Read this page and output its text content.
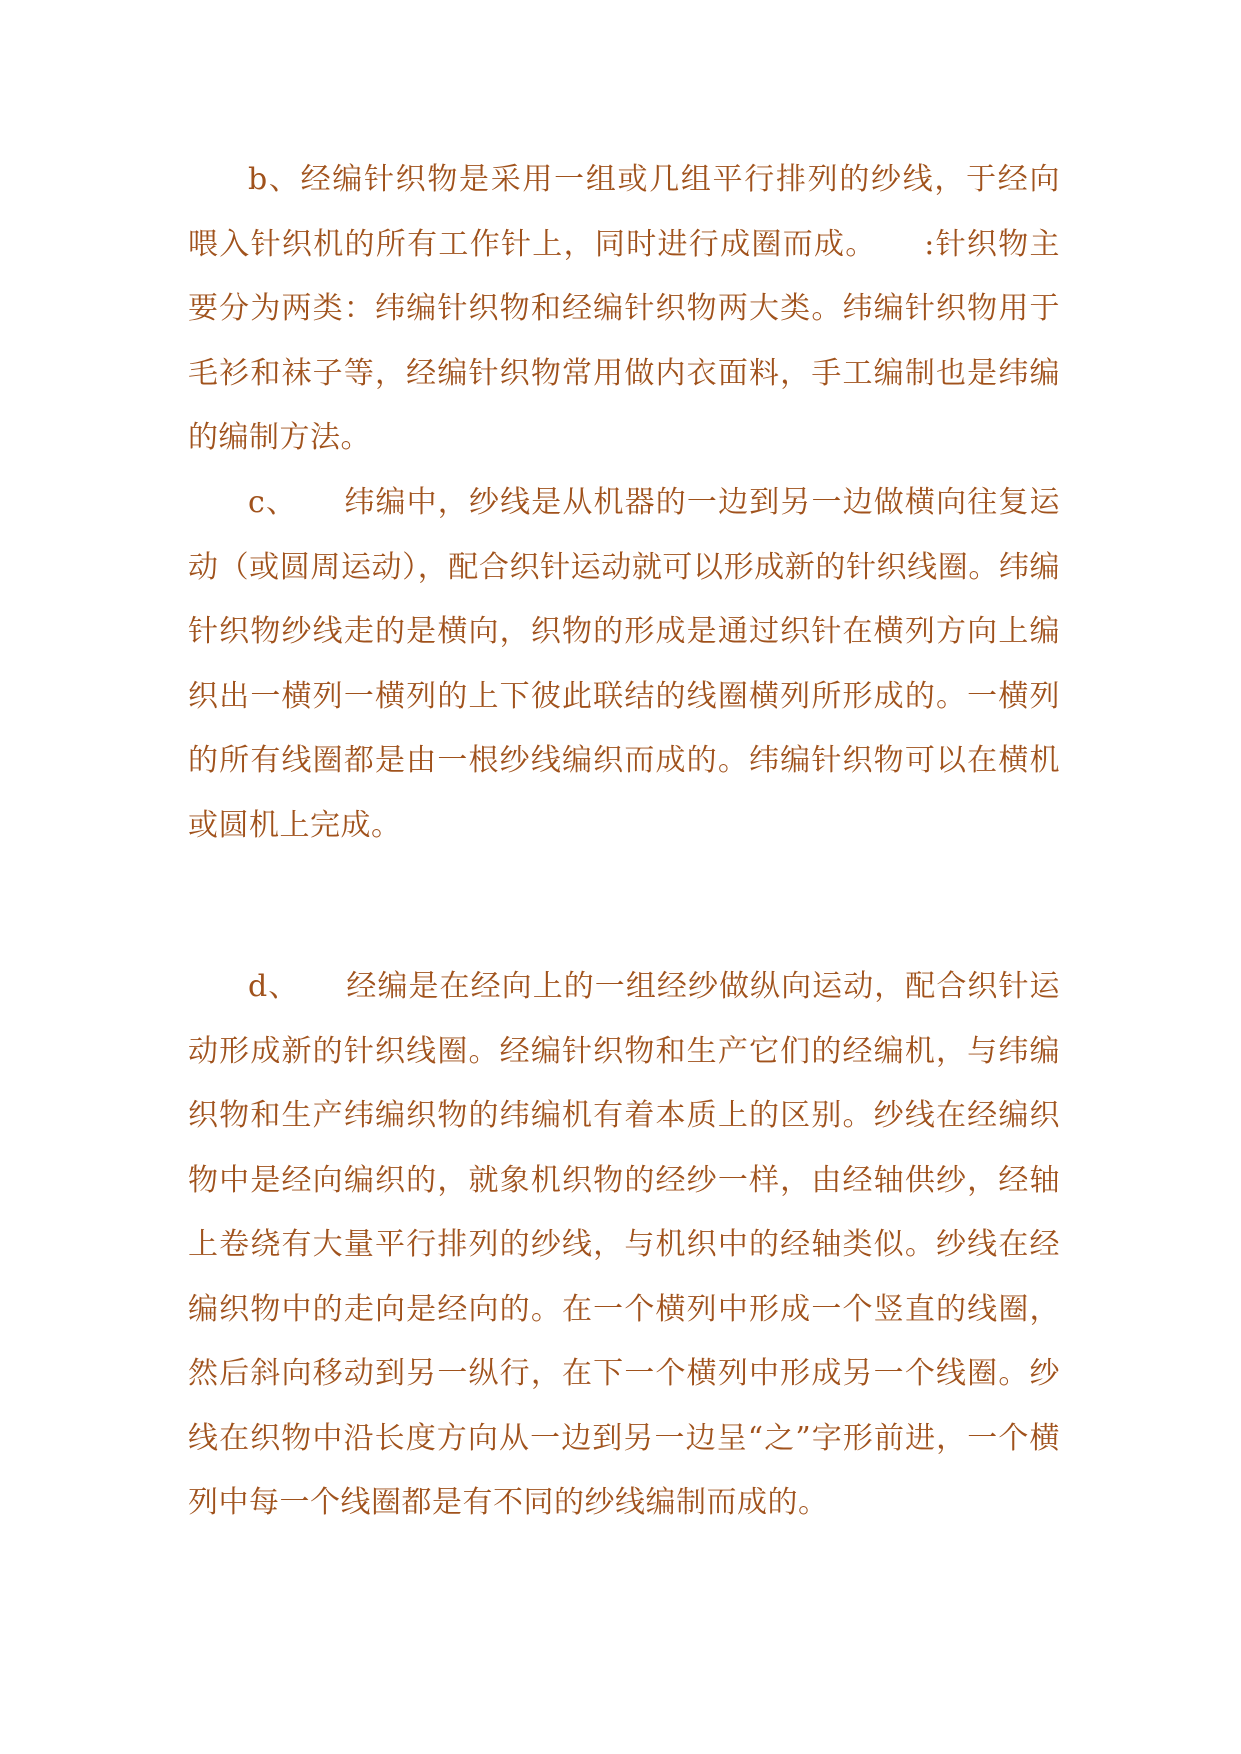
b、经编针织物是采用一组或几组平行排列的纱线，于经向喂入针织机的所有工作针上，同时进行成圈而成。　　:针织物主要分为两类：纬编针织物和经编针织物两大类。纬编针织物用于毛衫和袜子等，经编针织物常用做内衣面料，手工编制也是纬编的编制方法。

c、　　纬编中，纱线是从机器的一边到另一边做横向往复运动（或圆周运动），配合织针运动就可以形成新的针织线圈。纬编针织物纱线走的是横向，织物的形成是通过织针在横列方向上编织出一横列一横列的上下彼此联结的线圈横列所形成的。一横列的所有线圈都是由一根纱线编织而成的。纬编针织物可以在横机或圆机上完成。

d、　　经编是在经向上的一组经纱做纵向运动，配合织针运动形成新的针织线圈。经编针织物和生产它们的经编机，与纬编织物和生产纬编织物的纬编机有着本质上的区别。纱线在经编织物中是经向编织的，就象机织物的经纱一样，由经轴供纱，经轴上卷绕有大量平行排列的纱线，与机织中的经轴类似。纱线在经编织物中的走向是经向的。在一个横列中形成一个竖直的线圈，然后斜向移动到另一纵行，在下一个横列中形成另一个线圈。纱线在织物中沿长度方向从一边到另一边呈“之”字形前进，一个横列中每一个线圈都是有不同的纱线编制而成的。
